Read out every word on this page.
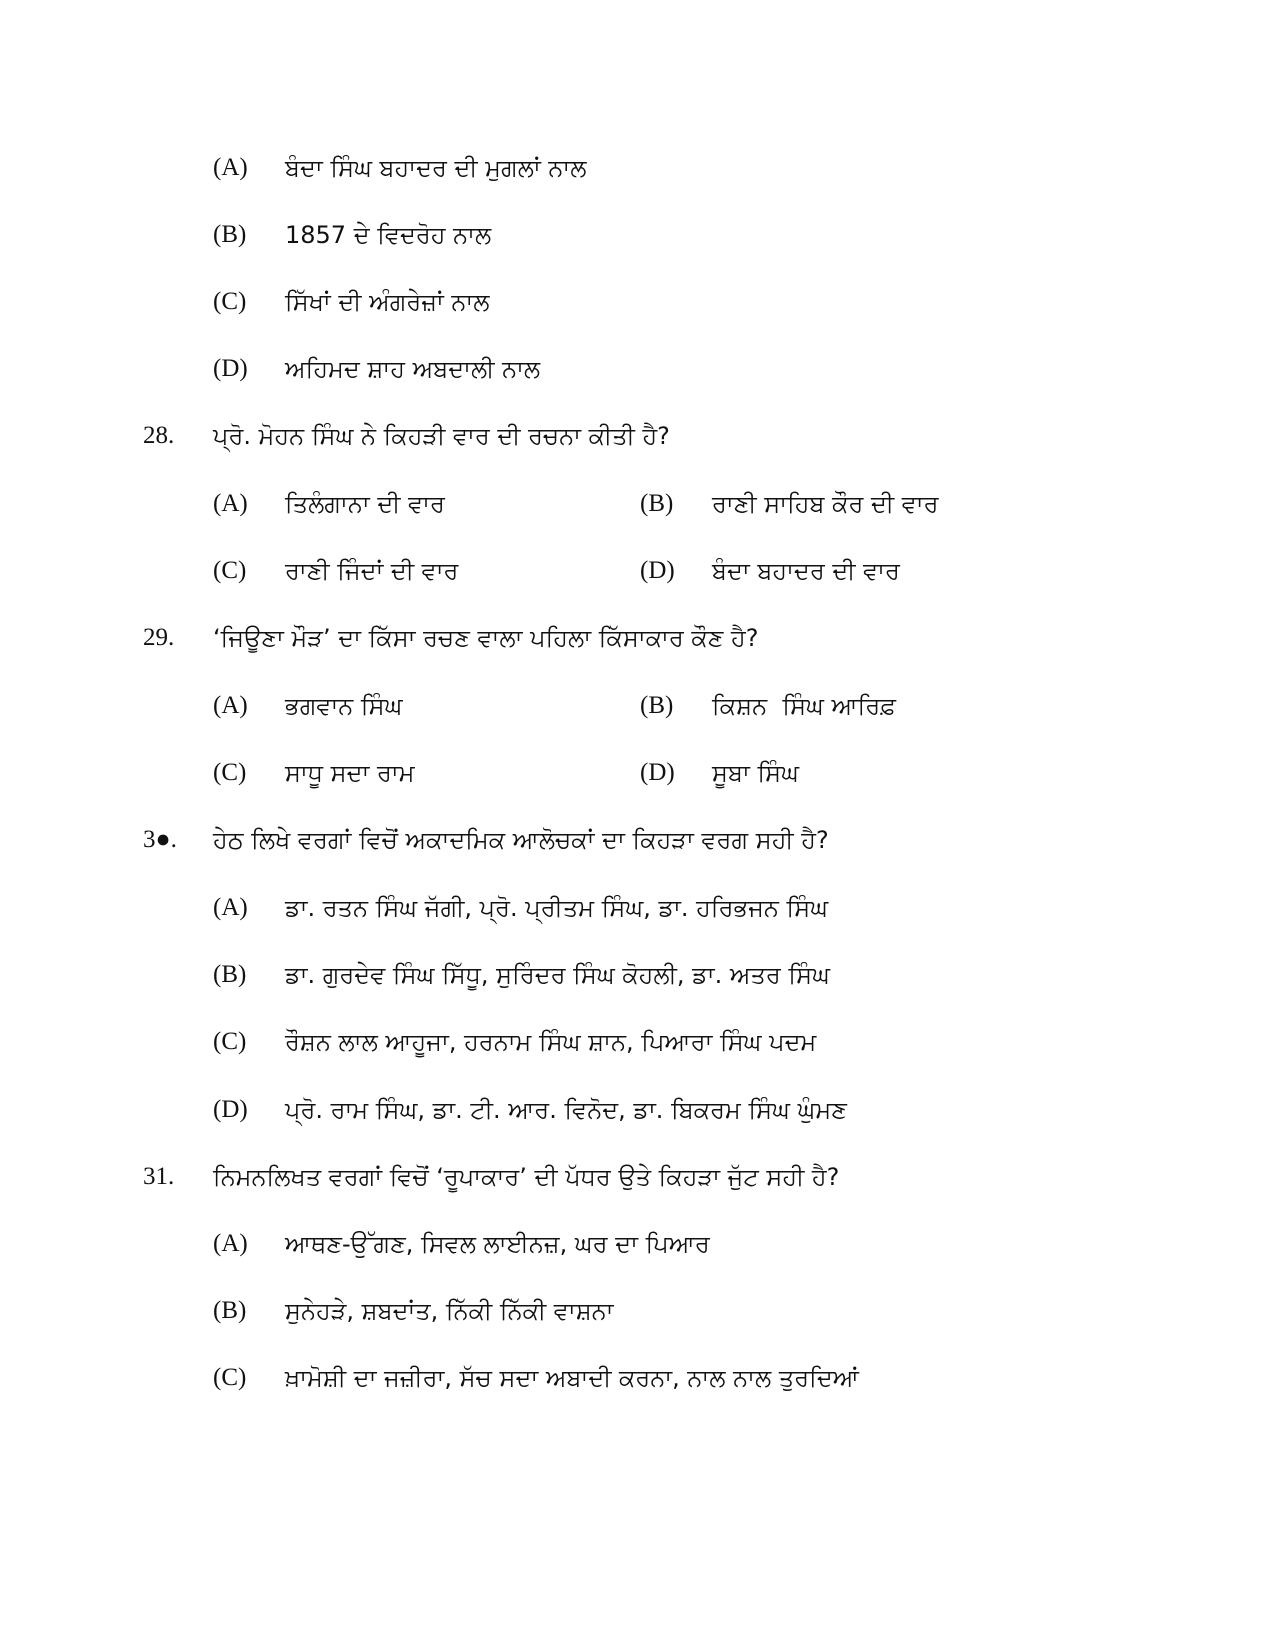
(A) ਬੰਦਾ ਸਿੰਘ ਬਹਾਦਰ ਦੀ ਮੁਗਲਾਂ ਨਾਲ
(B) 1857 ਦੇ ਵਿਦਰੋਹ ਨਾਲ
(C) ਸਿੱਖਾਂ ਦੀ ਅੰਗਰੇਜ਼ਾਂ ਨਾਲ
(D) ਅਹਿਮਦ ਸ਼ਾਹ ਅਬਦਾਲੀ ਨਾਲ
28. ਪ੍ਰੋ. ਮੋਹਨ ਸਿੰਘ ਨੇ ਕਿਹੜੀ ਵਾਰ ਦੀ ਰਚਨਾ ਕੀਤੀ ਹੈ?
(A) ਤਿਲੰਗਾਨਾ ਦੀ ਵਾਰ	(B) ਰਾਣੀ ਸਾਹਿਬ ਕੌਰ ਦੀ ਵਾਰ
(C) ਰਾਣੀ ਜਿੰਦਾਂ ਦੀ ਵਾਰ	(D) ਬੰਦਾ ਬਹਾਦਰ ਦੀ ਵਾਰ
29. ‘ਜਿਊਣਾ ਮੌੜ’ ਦਾ ਕਿੱਸਾ ਰਚਣ ਵਾਲਾ ਪਹਿਲਾ ਕਿੱਸਾਕਾਰ ਕੌਣ ਹੈ?
(A) ਭਗਵਾਨ ਸਿੰਘ	(B) ਕਿਸ਼ਨ  ਸਿੰਘ ਆਰਿਫ਼
(C) ਸਾਧੂ ਸਦਾ ਰਾਮ	(D) ਸੂਬਾ ਸਿੰਘ
3●. ਹੇਠ ਲਿਖੇ ਵਰਗਾਂ ਵਿਚੋਂ ਅਕਾਦਮਿਕ ਆਲੋਚਕਾਂ ਦਾ ਕਿਹੜਾ ਵਰਗ ਸਹੀ ਹੈ?
(A) ਡਾ. ਰਤਨ ਸਿੰਘ ਜੱਗੀ, ਪ੍ਰੋ. ਪ੍ਰੀਤਮ ਸਿੰਘ, ਡਾ. ਹਰਿਭਜਨ ਸਿੰਘ
(B) ਡਾ. ਗੁਰਦੇਵ ਸਿੰਘ ਸਿੱਧੂ, ਸੁਰਿੰਦਰ ਸਿੰਘ ਕੋਹਲੀ, ਡਾ. ਅਤਰ ਸਿੰਘ
(C) ਰੌਸ਼ਨ ਲਾਲ ਆਹੂਜਾ, ਹਰਨਾਮ ਸਿੰਘ ਸ਼ਾਨ, ਪਿਆਰਾ ਸਿੰਘ ਪਦਮ
(D) ਪ੍ਰੋ. ਰਾਮ ਸਿੰਘ, ਡਾ. ਟੀ. ਆਰ. ਵਿਨੋਦ, ਡਾ. ਬਿਕਰਮ ਸਿੰਘ ਘੁੰਮਣ
31. ਨਿਮਨਲਿਖਤ ਵਰਗਾਂ ਵਿਚੋਂ ‘ਰੂਪਾਕਾਰ’ ਦੀ ਪੱਧਰ ਉਤੇ ਕਿਹੜਾ ਜੁੱਟ ਸਹੀ ਹੈ?
(A) ਆਥਣ-ਉੱਗਣ, ਸਿਵਲ ਲਾਈਨਜ਼, ਘਰ ਦਾ ਪਿਆਰ
(B) ਸੁਨੇਹੜੇ, ਸ਼ਬਦਾਂਤ, ਨਿੱਕੀ ਨਿੱਕੀ ਵਾਸ਼ਨਾ
(C) ਖ਼ਾਮੋਸ਼ੀ ਦਾ ਜਜ਼ੀਰਾ, ਸੱਚ ਸਦਾ ਅਬਾਦੀ ਕਰਨਾ, ਨਾਲ ਨਾਲ ਤੁਰਦਿਆਂ
